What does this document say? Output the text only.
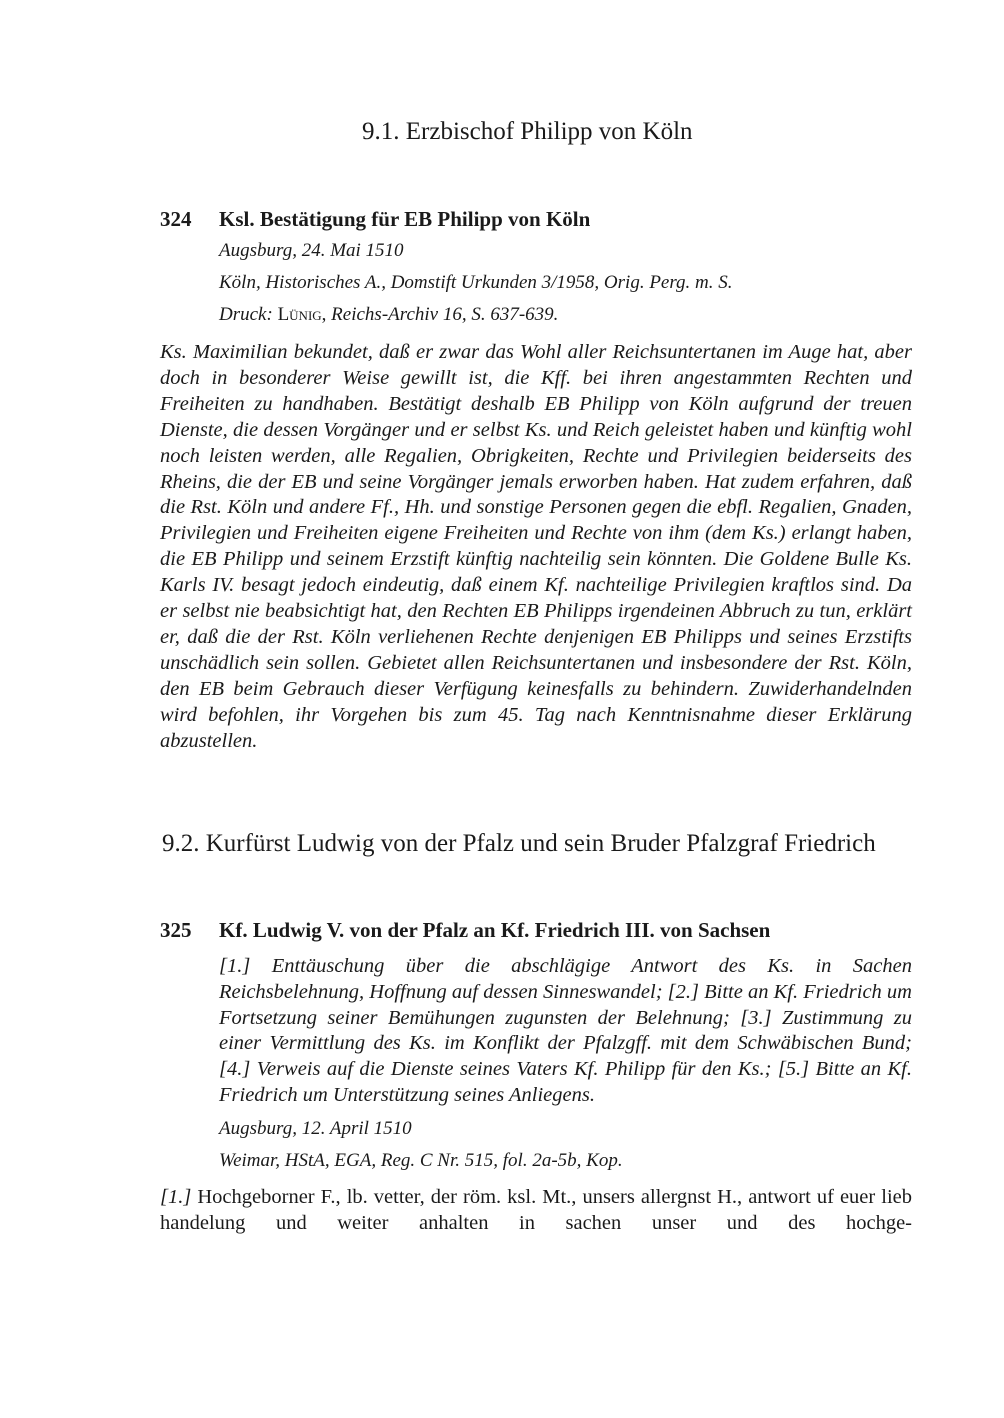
9.1. Erzbischof Philipp von Köln
324 Ksl. Bestätigung für EB Philipp von Köln

Augsburg, 24. Mai 1510

Köln, Historisches A., Domstift Urkunden 3/1958, Orig. Perg. m. S.

Druck: Lünig, Reichs-Archiv 16, S. 637-639.

Ks. Maximilian bekundet, daß er zwar das Wohl aller Reichsuntertanen im Auge hat, aber doch in besonderer Weise gewillt ist, die Kff. bei ihren angestammten Rechten und Freiheiten zu handhaben. Bestätigt deshalb EB Philipp von Köln aufgrund der treuen Dienste, die dessen Vorgänger und er selbst Ks. und Reich geleistet haben und künftig wohl noch leisten werden, alle Regalien, Obrigkeiten, Rechte und Privilegien beiderseits des Rheins, die der EB und seine Vorgänger jemals erworben haben. Hat zudem erfahren, daß die Rst. Köln und andere Ff., Hh. und sonstige Personen gegen die ebfl. Regalien, Gnaden, Privilegien und Freiheiten eigene Freiheiten und Rechte von ihm (dem Ks.) erlangt haben, die EB Philipp und seinem Erzstift künftig nachteilig sein könnten. Die Goldene Bulle Ks. Karls IV. besagt jedoch eindeutig, daß einem Kf. nachteilige Privilegien kraftlos sind. Da er selbst nie beabsichtigt hat, den Rechten EB Philipps irgendeinen Abbruch zu tun, erklärt er, daß die der Rst. Köln verliehenen Rechte denjenigen EB Philipps und seines Erzstifts unschädlich sein sollen. Gebietet allen Reichsuntertanen und insbesondere der Rst. Köln, den EB beim Gebrauch dieser Verfügung keinesfalls zu behindern. Zuwiderhandelnden wird befohlen, ihr Vorgehen bis zum 45. Tag nach Kenntnisnahme dieser Erklärung abzustellen.

9.2. Kurfürst Ludwig von der Pfalz und sein Bruder Pfalzgraf Friedrich
325 Kf. Ludwig V. von der Pfalz an Kf. Friedrich III. von Sachsen

[1.] Enttäuschung über die abschlägige Antwort des Ks. in Sachen Reichsbelehnung, Hoffnung auf dessen Sinneswandel; [2.] Bitte an Kf. Friedrich um Fortsetzung seiner Bemühungen zugunsten der Belehnung; [3.] Zustimmung zu einer Vermittlung des Ks. im Konflikt der Pfalzgff. mit dem Schwäbischen Bund; [4.] Verweis auf die Dienste seines Vaters Kf. Philipp für den Ks.; [5.] Bitte an Kf. Friedrich um Unterstützung seines Anliegens.

Augsburg, 12. April 1510

Weimar, HStA, EGA, Reg. C Nr. 515, fol. 2a-5b, Kop.

[1.] Hochgeborner F., lb. vetter, der röm. ksl. Mt., unsers allergnst H., antwort uf euer lieb handelung und weiter anhalten in sachen unser und des hochge-
